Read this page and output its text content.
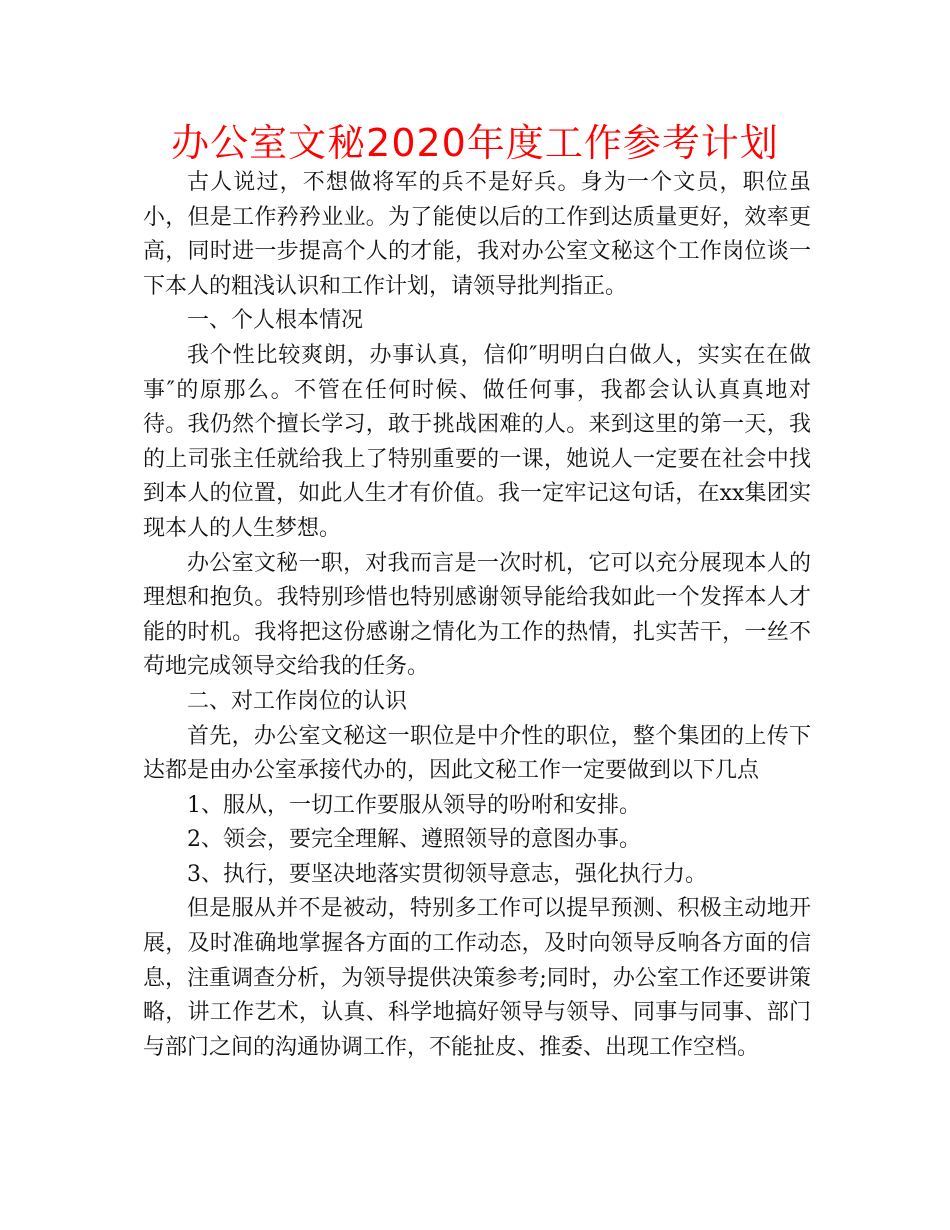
办公室文秘2020年度工作参考计划

古人说过，不想做将军的兵不是好兵。身为一个文员，职位虽小，但是工作矜矜业业。为了能使以后的工作到达质量更好，效率更高，同时进一步提高个人的才能，我对办公室文秘这个工作岗位谈一下本人的粗浅认识和工作计划，请领导批判指正。

一、个人根本情况

我个性比较爽朗，办事认真，信仰″明明白白做人，实实在在做事″的原那么。不管在任何时候、做任何事，我都会认认真真地对待。我仍然个擅长学习，敢于挑战困难的人。来到这里的第一天，我的上司张主任就给我上了特别重要的一课，她说人一定要在社会中找到本人的位置，如此人生才有价值。我一定牢记这句话，在xx集团实现本人的人生梦想。

办公室文秘一职，对我而言是一次时机，它可以充分展现本人的理想和抱负。我特别珍惜也特别感谢领导能给我如此一个发挥本人才能的时机。我将把这份感谢之情化为工作的热情，扎实苦干，一丝不苟地完成领导交给我的任务。

二、对工作岗位的认识

首先，办公室文秘这一职位是中介性的职位，整个集团的上传下达都是由办公室承接代办的，因此文秘工作一定要做到以下几点

1、服从，一切工作要服从领导的吩咐和安排。

2、领会，要完全理解、遵照领导的意图办事。

3、执行，要坚决地落实贯彻领导意志，强化执行力。

但是服从并不是被动，特别多工作可以提早预测、积极主动地开展，及时准确地掌握各方面的工作动态，及时向领导反响各方面的信息，注重调查分析，为领导提供决策参考;同时，办公室工作还要讲策略，讲工作艺术，认真、科学地搞好领导与领导、同事与同事、部门与部门之间的沟通协调工作，不能扯皮、推委、出现工作空档。
